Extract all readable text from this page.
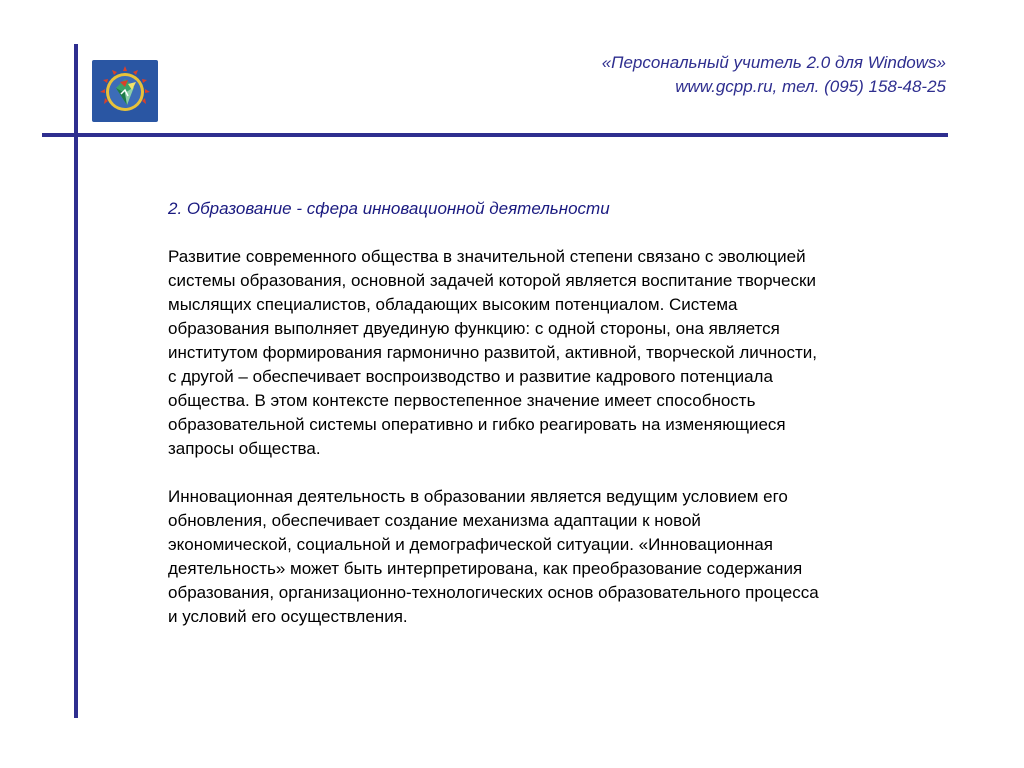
«Персональный учитель 2.0 для Windows»
www.gcpp.ru, тел. (095) 158-48-25
2. Образование - сфера инновационной деятельности
Развитие современного общества в значительной степени связано с эволюцией
системы образования, основной задачей которой является воспитание творчески
мыслящих специалистов, обладающих высоким потенциалом. Система
образования выполняет двуединую функцию: с одной стороны, она является
институтом формирования гармонично развитой, активной, творческой личности,
с другой – обеспечивает воспроизводство и развитие кадрового потенциала
общества. В этом контексте первостепенное значение имеет способность
образовательной системы оперативно и гибко реагировать на изменяющиеся
запросы общества.
Инновационная деятельность в образовании является ведущим условием его
обновления, обеспечивает создание механизма адаптации к новой
экономической, социальной и демографической ситуации. «Инновационная
деятельность» может быть интерпретирована, как преобразование содержания
образования, организационно-технологических основ образовательного процесса
и условий его осуществления.
